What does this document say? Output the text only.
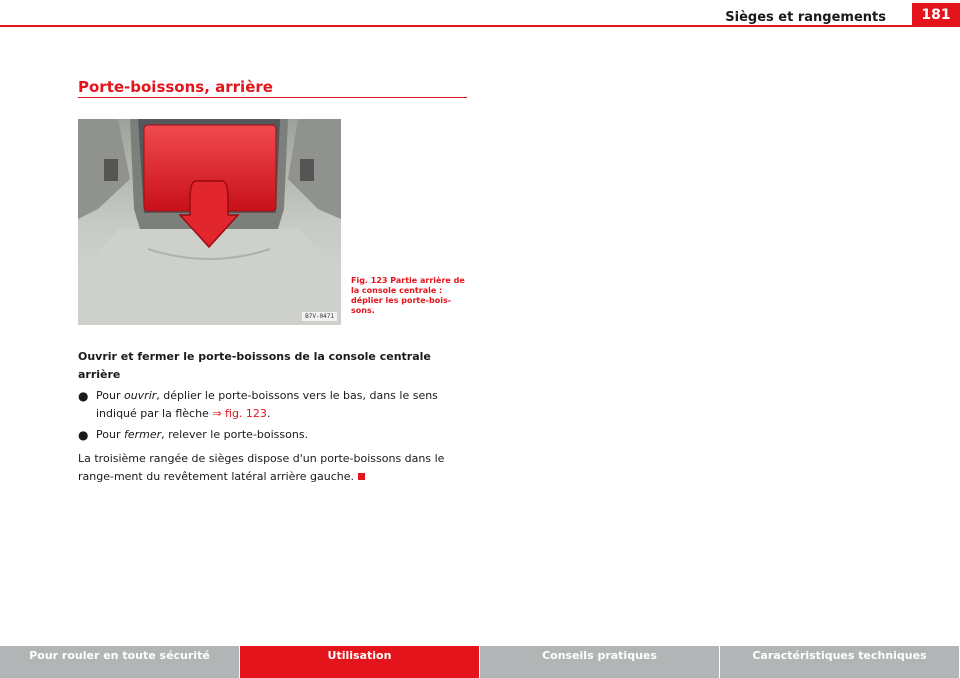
Sièges et rangements	181
Porte-boissons, arrière
B7V-0471
Fig. 123 Partie arrière de la console centrale : déplier les porte-bois-sons.

Ouvrir et fermer le porte-boissons de la console centrale arrière

● Pour ouvrir, déplier le porte-boissons vers le bas, dans le sens indiqué par la flèche ⇒ fig. 123.
● Pour fermer, relever le porte-boissons.

La troisième rangée de sièges dispose d'un porte-boissons dans le range-ment du revêtement latéral arrière gauche.

Pour rouler en toute sécurité	Utilisation	Conseils pratiques	Caractéristiques techniques
